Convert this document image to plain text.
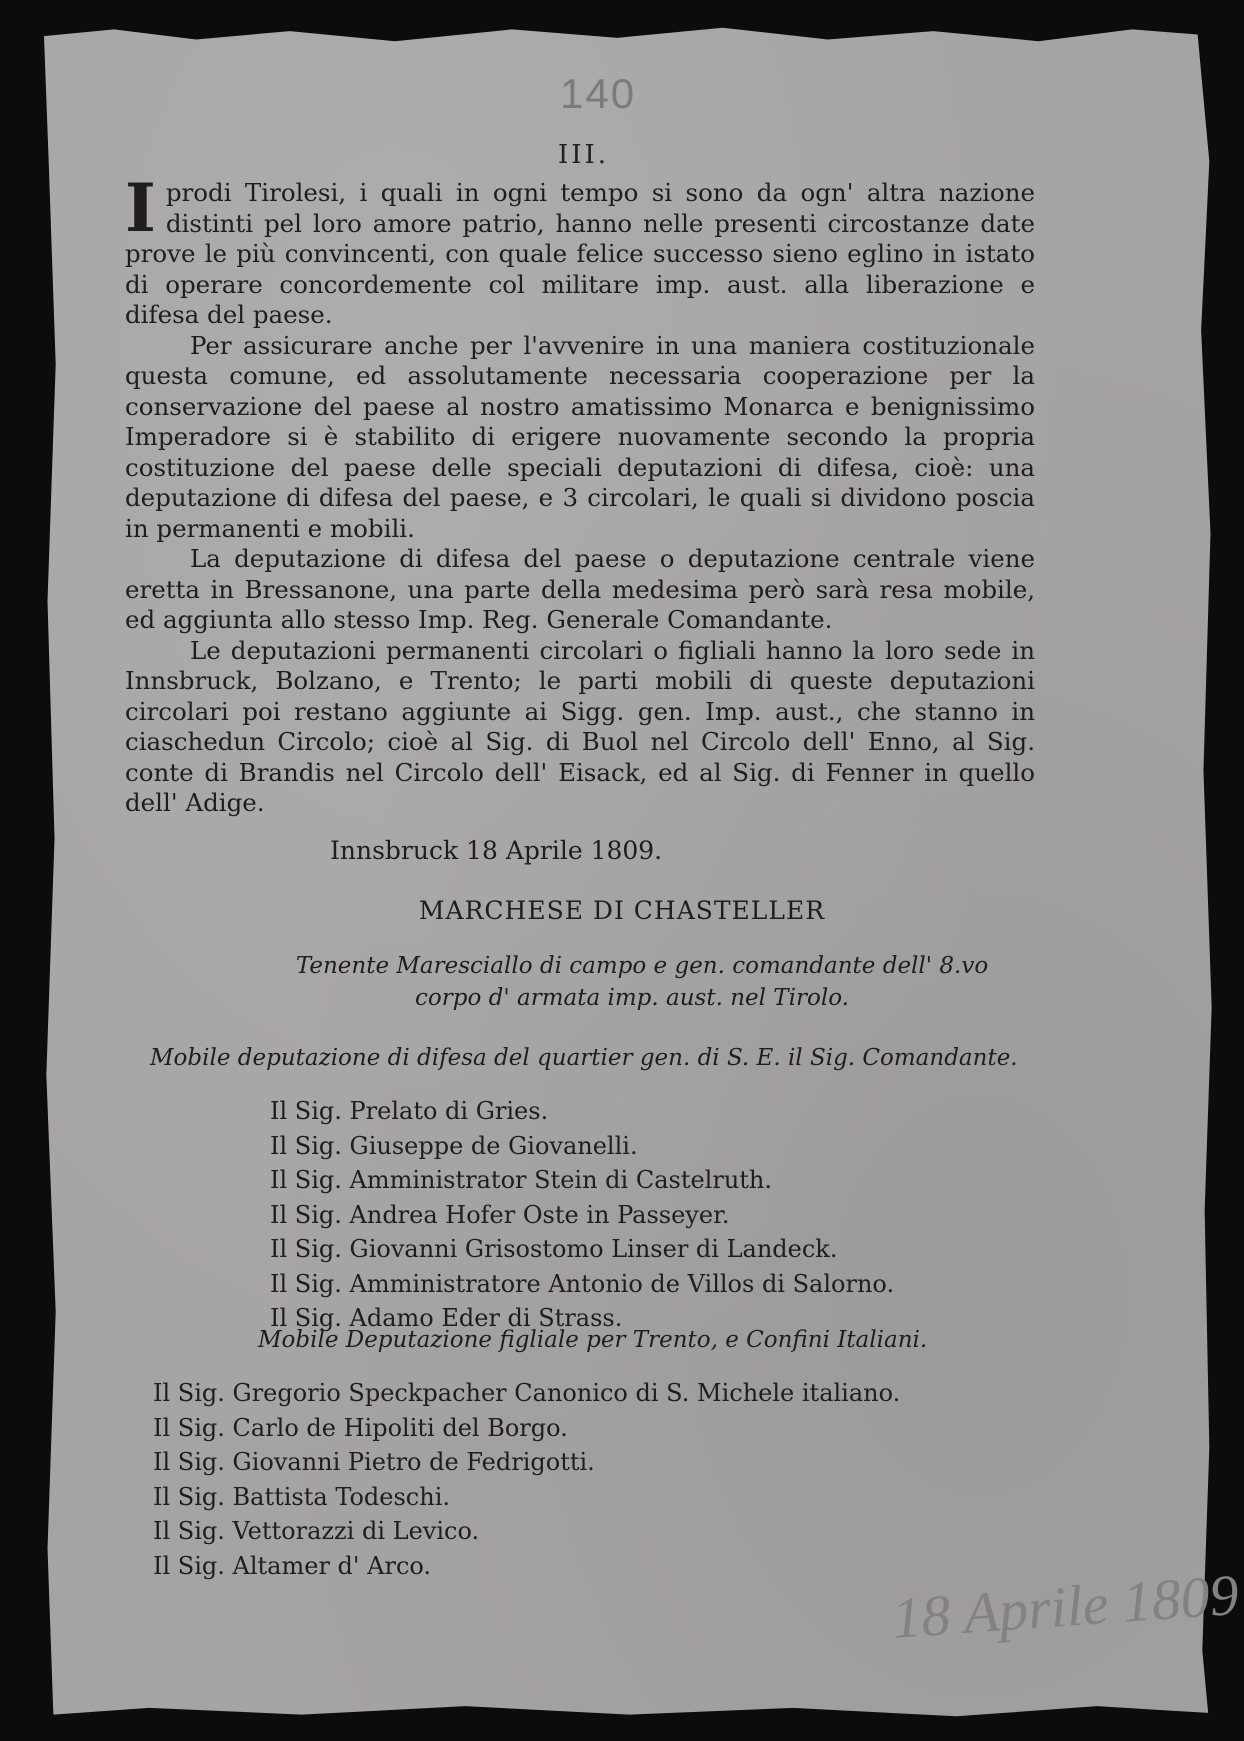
140
III.

Iprodi Tirolesi, i quali in ogni tempo si sono da ogn' altra nazione distinti pel loro amore patrio, hanno nelle presenti circostanze date prove le più convincenti, con quale felice successo sieno eglino in istato di operare concordemente col militare imp. aust. alla liberazione e difesa del paese.

Per assicurare anche per l'avvenire in una maniera costituzionale questa comune, ed assolutamente necessaria cooperazione per la conservazione del paese al nostro amatissimo Monarca e benignissimo Imperadore si è stabilito di erigere nuovamente secondo la propria costituzione del paese delle speciali deputazioni di difesa, cioè: una deputazione di difesa del paese, e 3 circolari, le quali si dividono poscia in permanenti e mobili.

La deputazione di difesa del paese o deputazione centrale viene eretta in Bressanone, una parte della medesima però sarà resa mobile, ed aggiunta allo stesso Imp. Reg. Generale Comandante.

Le deputazioni permanenti circolari o figliali hanno la loro sede in Innsbruck, Bolzano, e Trento; le parti mobili di queste deputazioni circolari poi restano aggiunte ai Sigg. gen. Imp. aust., che stanno in ciaschedun Circolo; cioè al Sig. di Buol nel Circolo dell' Enno, al Sig. conte di Brandis nel Circolo dell' Eisack, ed al Sig. di Fenner in quello dell' Adige.

Innsbruck 18 Aprile 1809.
MARCHESE DI CHASTELLER
Tenente Maresciallo di campo e gen. comandante dell' 8.vo
corpo d' armata imp. aust. nel Tirolo.
Mobile deputazione di difesa del quartier gen. di S. E. il Sig. Comandante.
Il Sig. Prelato di Gries.
Il Sig. Giuseppe de Giovanelli.
Il Sig. Amministrator Stein di Castelruth.
Il Sig. Andrea Hofer Oste in Passeyer.
Il Sig. Giovanni Grisostomo Linser di Landeck.
Il Sig. Amministratore Antonio de Villos di Salorno.
Il Sig. Adamo Eder di Strass.
Mobile Deputazione figliale per Trento, e Confini Italiani.
Il Sig. Gregorio Speckpacher Canonico di S. Michele italiano.
Il Sig. Carlo de Hipoliti del Borgo.
Il Sig. Giovanni Pietro de Fedrigotti.
Il Sig. Battista Todeschi.
Il Sig. Vettorazzi di Levico.
Il Sig. Altamer d' Arco.	18 Aprile 1809
